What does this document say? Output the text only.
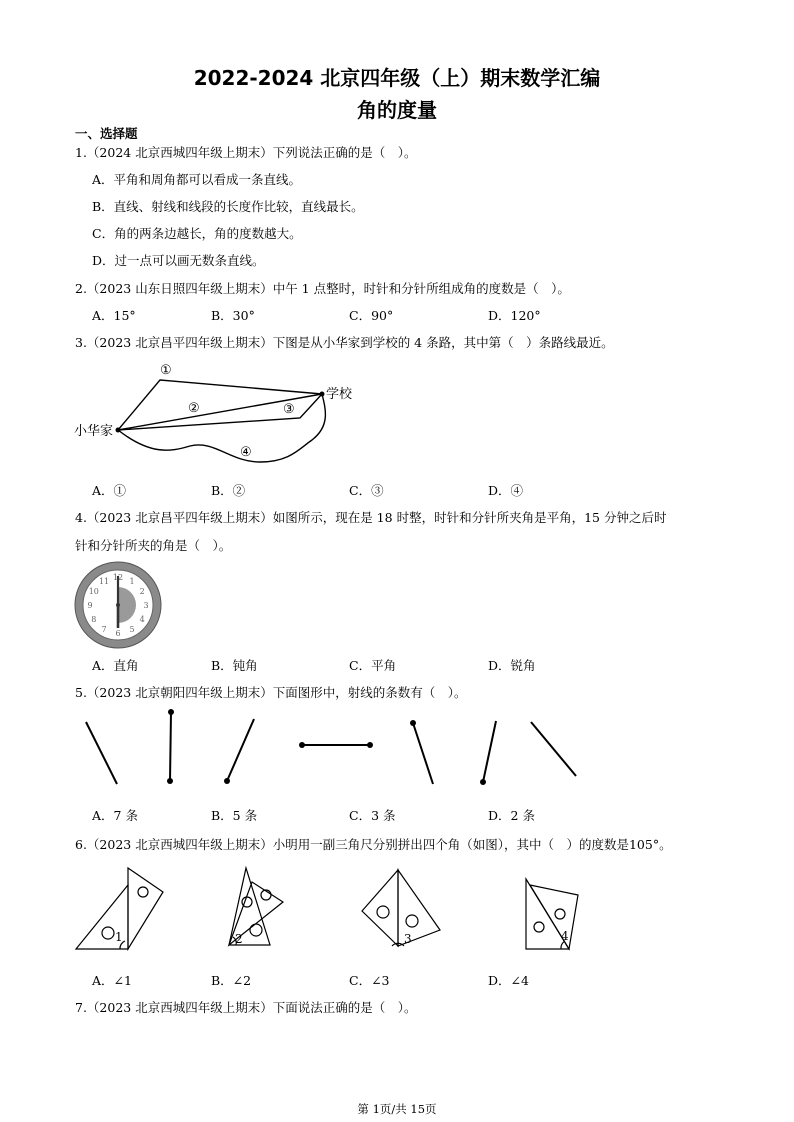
2022-2024 北京四年级（上）期末数学汇编
角的度量
一、选择题
1.（2024 北京西城四年级上期末）下列说法正确的是（　）。
A．平角和周角都可以看成一条直线。
B．直线、射线和线段的长度作比较，直线最长。
C．角的两条边越长，角的度数越大。
D．过一点可以画无数条直线。
2.（2023 山东日照四年级上期末）中午 1 点整时，时针和分针所组成角的度数是（　）。
A．15°	B．30°	C．90°	D．120°
3.（2023 北京昌平四年级上期末）下图是从小华家到学校的 4 条路，其中第（　）条路线最近。
小华家
学校
①
②	③
④
A．①	B．②	C．③	D．④
4.（2023 北京昌平四年级上期末）如图所示，现在是 18 时整，时针和分针所夹角是平角，15 分钟之后时
针和分针所夹的角是（　）。
12 1
2
3
4
5
6
7
8
9
10
11
A．直角	B．钝角	C．平角	D．锐角
5.（2023 北京朝阳四年级上期末）下面图形中，射线的条数有（　）。
A．7 条	B．5 条	C．3 条	D．2 条
6.（2023 北京西城四年级上期末）小明用一副三角尺分别拼出四个角（如图），其中（　）的度数是105°。
1	2	3	4
A．∠1	B．∠2	C．∠3	D．∠4
7.（2023 北京西城四年级上期末）下面说法正确的是（　）。
第 1页/共 15页
